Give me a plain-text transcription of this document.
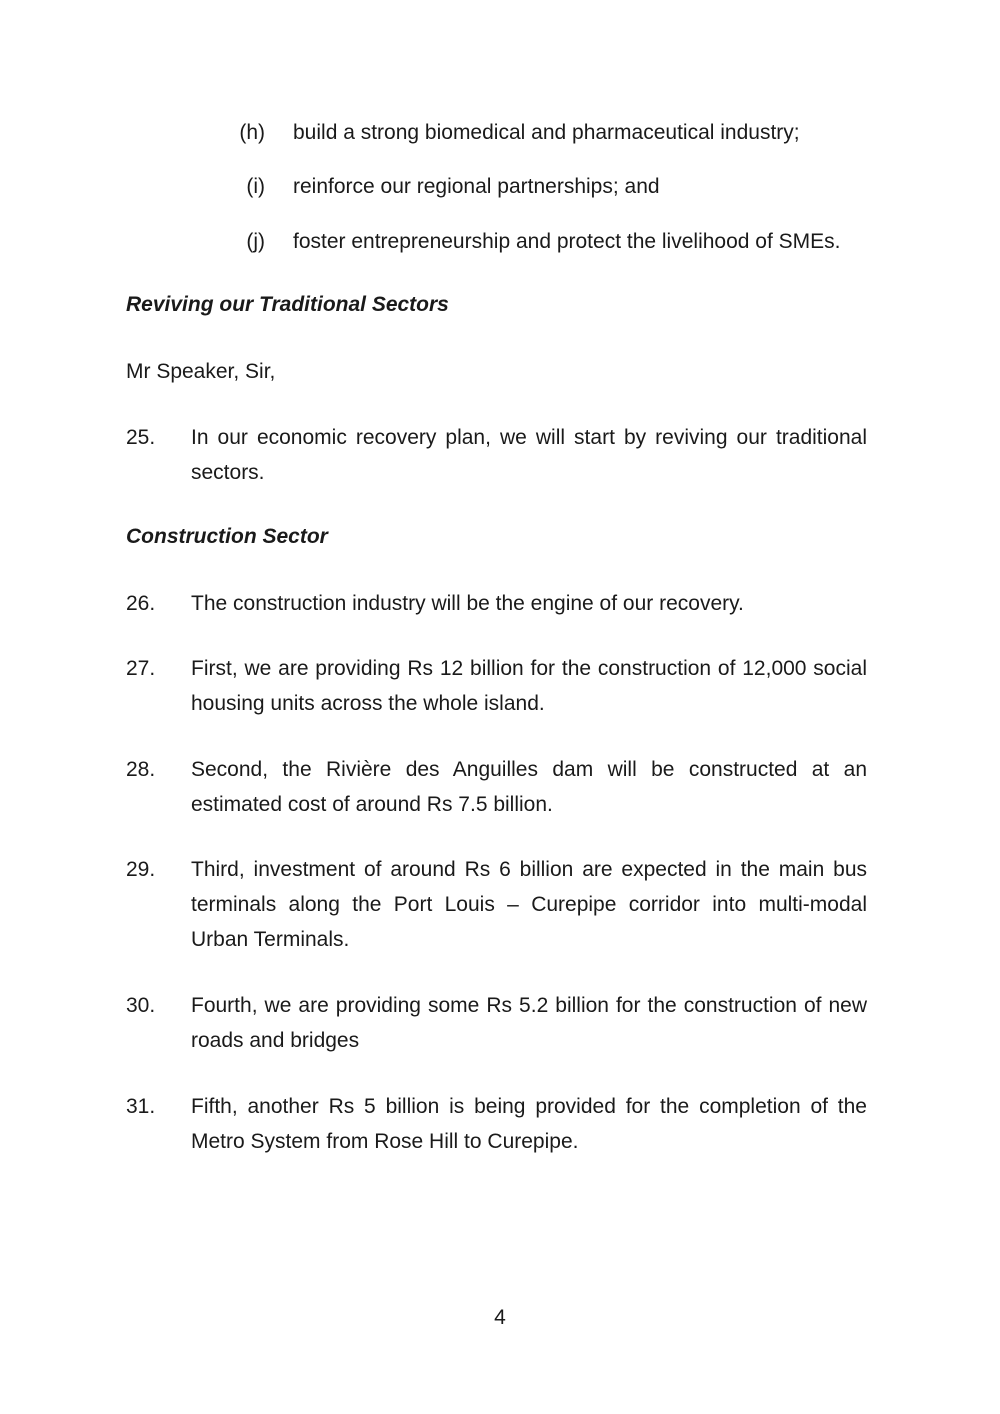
(h) build a strong biomedical and pharmaceutical industry;
(i) reinforce our regional partnerships; and
(j) foster entrepreneurship and protect the livelihood of SMEs.
Reviving our Traditional Sectors
Mr Speaker, Sir,
25. In our economic recovery plan, we will start by reviving our traditional sectors.
Construction Sector
26. The construction industry will be the engine of our recovery.
27. First, we are providing Rs 12 billion for the construction of 12,000 social housing units across the whole island.
28. Second, the Rivière des Anguilles dam will be constructed at an estimated cost of around Rs 7.5 billion.
29. Third, investment of around Rs 6 billion are expected in the main bus terminals along the Port Louis – Curepipe corridor into multi-modal Urban Terminals.
30. Fourth, we are providing some Rs 5.2 billion for the construction of new roads and bridges
31. Fifth, another Rs 5 billion is being provided for the completion of the Metro System from Rose Hill to Curepipe.
4
